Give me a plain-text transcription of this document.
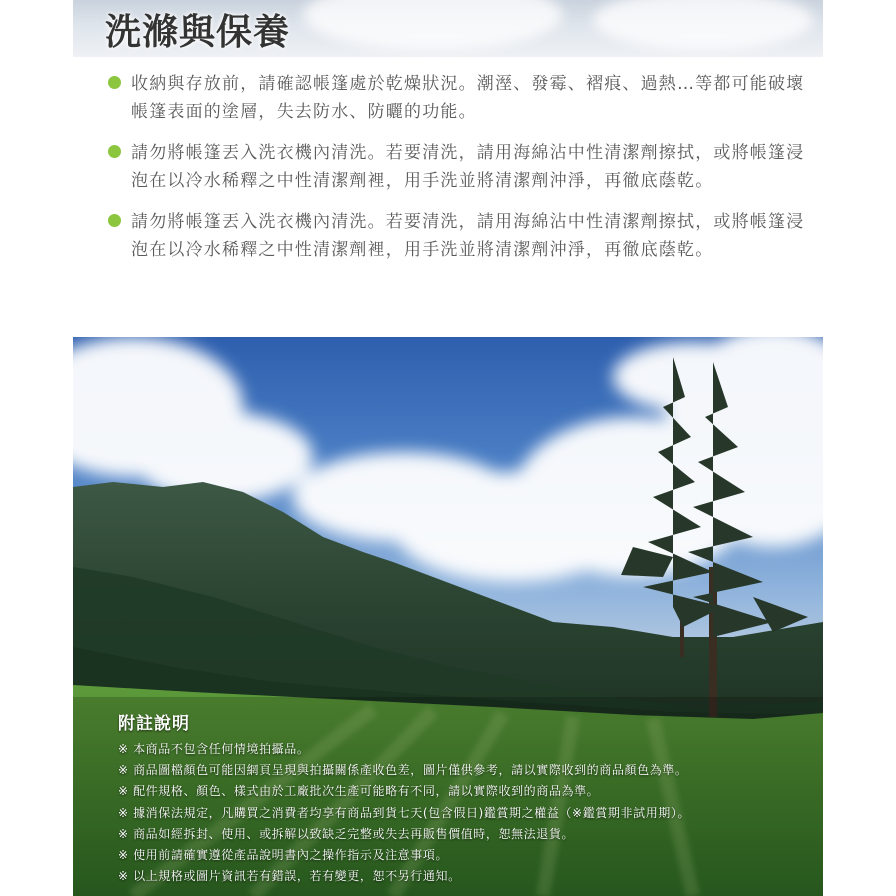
洗滌與保養
收納與存放前，請確認帳篷處於乾燥狀況。潮溼、發霉、褶痕、過熱…等都可能破壞帳篷表面的塗層，失去防水、防曬的功能。
請勿將帳篷丟入洗衣機內清洗。若要清洗，請用海綿沾中性清潔劑擦拭，或將帳篷浸泡在以冷水稀釋之中性清潔劑裡，用手洗並將清潔劑沖淨，再徹底蔭乾。
請勿將帳篷丟入洗衣機內清洗。若要清洗，請用海綿沾中性清潔劑擦拭，或將帳篷浸泡在以冷水稀釋之中性清潔劑裡，用手洗並將清潔劑沖淨，再徹底蔭乾。
附註說明
※ 本商品不包含任何情境拍攝品。
※ 商品圖檔顏色可能因網頁呈現與拍攝關係產收色差，圖片僅供參考，請以實際收到的商品顏色為準。
※ 配件規格、顏色、樣式由於工廠批次生產可能略有不同，請以實際收到的商品為準。
※ 據消保法規定，凡購買之消費者均享有商品到貨七天(包含假日)鑑賞期之權益（※鑑賞期非試用期）。
※ 商品如經拆封、使用、或拆解以致缺乏完整或失去再販售價值時，恕無法退貨。
※ 使用前請確實遵從產品說明書內之操作指示及注意事項。
※ 以上規格或圖片資訊若有錯誤，若有變更，恕不另行通知。
